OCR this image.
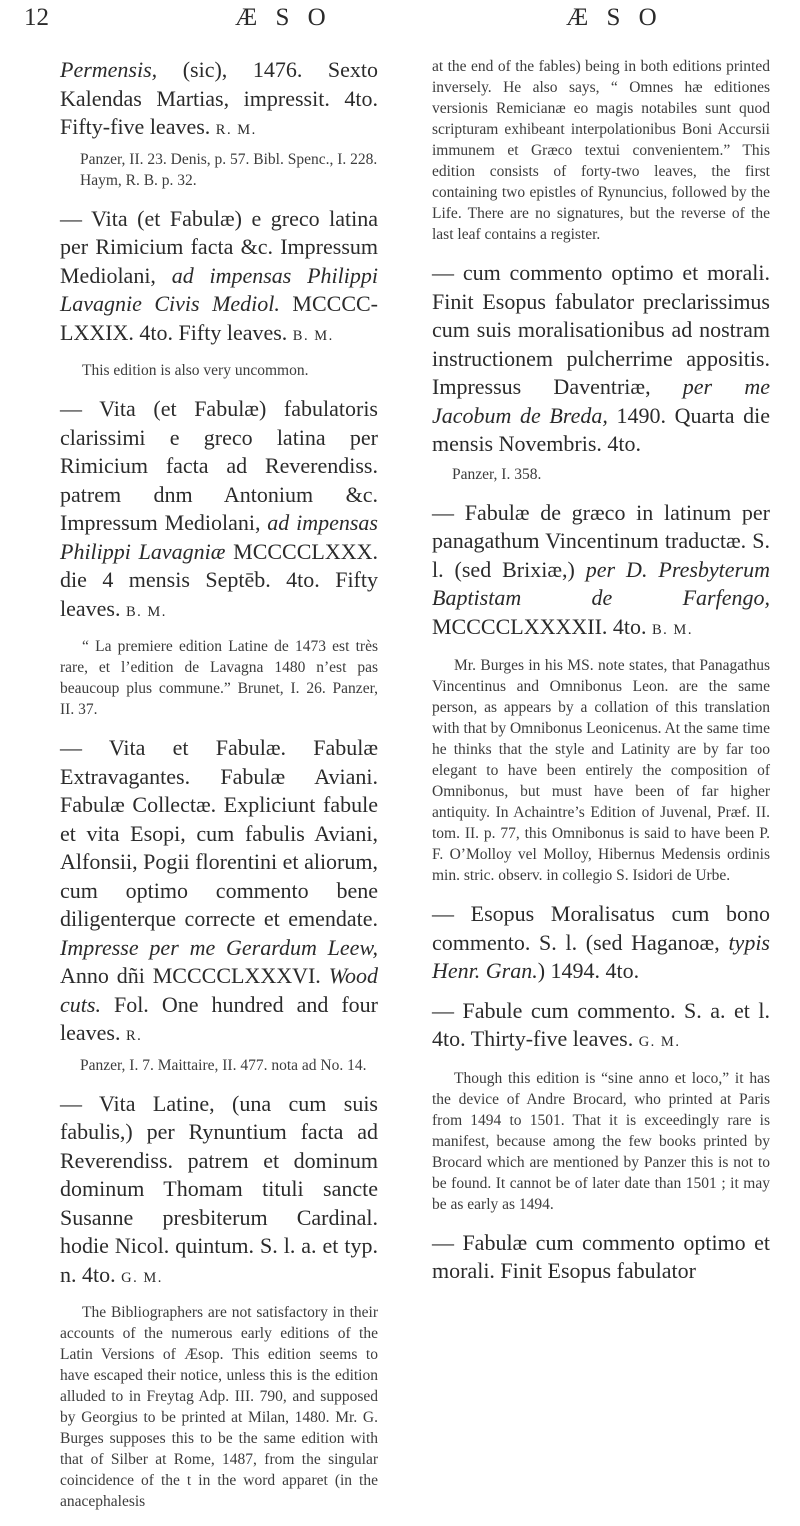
12	Æ S O	Æ S O

Permensis, (sic), 1476. Sexto Kalendas Martias, impressit. 4to. Fifty-five leaves. R. M.

Panzer, II. 23. Denis, p. 57. Bibl. Spenc., I. 228. Haym, R. B. p. 32.

— Vita (et Fabulæ) e greco latina per Rimicium facta &c. Impressum Mediolani, ad impensas Philippi Lavagnie Civis Mediol. MCCCC-LXXIX. 4to. Fifty leaves. B. M.

This edition is also very uncommon.

— Vita (et Fabulæ) fabulatoris clarissimi e greco latina per Rimicium facta ad Reverendiss. patrem dnm Antonium &c. Impressum Mediolani, ad impensas Philippi Lavagniæ MCCCCLXXX. die 4 mensis Septēb. 4to. Fifty leaves. B. M.

“ La premiere edition Latine de 1473 est très rare, et l’edition de Lavagna 1480 n’est pas beaucoup plus commune.” Brunet, I. 26. Panzer, II. 37.

— Vita et Fabulæ. Fabulæ Extravagantes. Fabulæ Aviani. Fabulæ Collectæ. Expliciunt fabule et vita Esopi, cum fabulis Aviani, Alfonsii, Pogii florentini et aliorum, cum optimo commento bene diligenterque correcte et emendate. Impresse per me Gerardum Leew, Anno dñi MCCCCLXXXVI. Wood cuts. Fol. One hundred and four leaves. R.

Panzer, I. 7. Maittaire, II. 477. nota ad No. 14.

— Vita Latine, (una cum suis fabulis,) per Rynuntium facta ad Reverendiss. patrem et dominum dominum Thomam tituli sancte Susanne presbiterum Cardinal. hodie Nicol. quintum. S. l. a. et typ. n. 4to. G. M.

The Bibliographers are not satisfactory in their accounts of the numerous early editions of the Latin Versions of Æsop. This edition seems to have escaped their notice, unless this is the edition alluded to in Freytag Adp. III. 790, and supposed by Georgius to be printed at Milan, 1480. Mr. G. Burges supposes this to be the same edition with that of Silber at Rome, 1487, from the singular coincidence of the t in the word apparet (in the anacephalesis

at the end of the fables) being in both editions printed inversely. He also says, “ Omnes hæ editiones versionis Remicianæ eo magis notabiles sunt quod scripturam exhibeant interpolationibus Boni Accursii immunem et Græco textui convenientem.” This edition consists of forty-two leaves, the first containing two epistles of Rynuncius, followed by the Life. There are no signatures, but the reverse of the last leaf contains a register.

— cum commento optimo et morali. Finit Esopus fabulator preclarissimus cum suis moralisationibus ad nostram instructionem pulcherrime appositis. Impressus Daventriæ, per me Jacobum de Breda, 1490. Quarta die mensis Novembris. 4to.

Panzer, I. 358.

— Fabulæ de græco in latinum per panagathum Vincentinum traductæ. S. l. (sed Brixiæ,) per D. Presbyterum Baptistam de Farfengo, MCCCCLXXXXII. 4to. B. M.

Mr. Burges in his MS. note states, that Panagathus Vincentinus and Omnibonus Leon. are the same person, as appears by a collation of this translation with that by Omnibonus Leonicenus. At the same time he thinks that the style and Latinity are by far too elegant to have been entirely the composition of Omnibonus, but must have been of far higher antiquity. In Achaintre’s Edition of Juvenal, Præf. II. tom. II. p. 77, this Omnibonus is said to have been P. F. O’Molloy vel Molloy, Hibernus Medensis ordinis min. stric. observ. in collegio S. Isidori de Urbe.

— Esopus Moralisatus cum bono commento. S. l. (sed Haganoæ, typis Henr. Gran.) 1494. 4to.

— Fabule cum commento. S. a. et l. 4to. Thirty-five leaves. G. M.

Though this edition is “sine anno et loco,” it has the device of Andre Brocard, who printed at Paris from 1494 to 1501. That it is exceedingly rare is manifest, because among the few books printed by Brocard which are mentioned by Panzer this is not to be found. It cannot be of later date than 1501 ; it may be as early as 1494.

— Fabulæ cum commento optimo et morali. Finit Esopus fabulator
